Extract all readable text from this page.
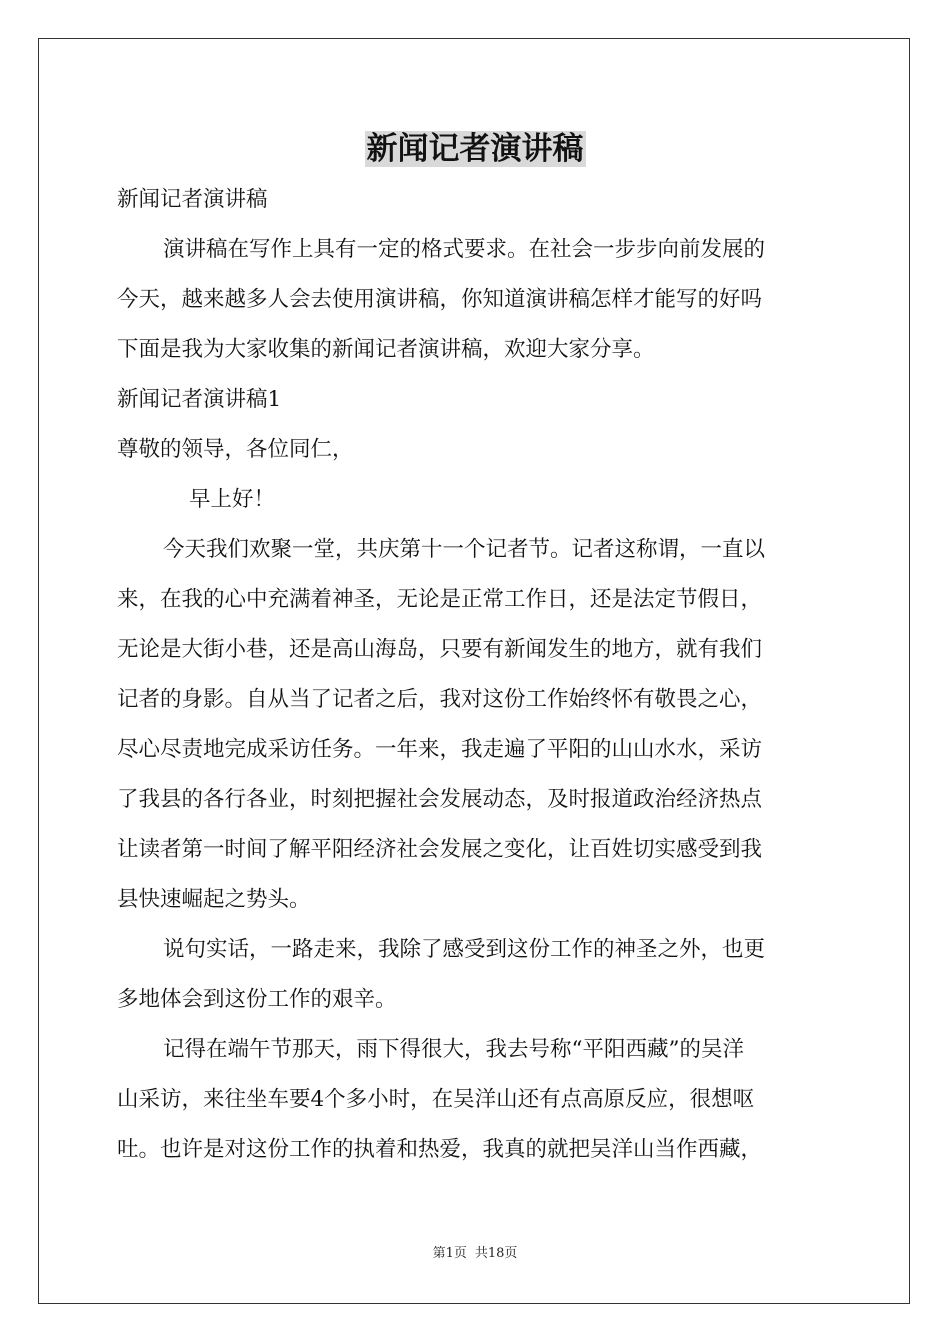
新闻记者演讲稿

新闻记者演讲稿

演讲稿在写作上具有一定的格式要求。在社会一步步向前发展的

今天，越来越多人会去使用演讲稿，你知道演讲稿怎样才能写的好吗

下面是我为大家收集的新闻记者演讲稿，欢迎大家分享。

新闻记者演讲稿1

尊敬的领导，各位同仁，

早上好！

今天我们欢聚一堂，共庆第十一个记者节。记者这称谓，一直以

来，在我的心中充满着神圣，无论是正常工作日，还是法定节假日，

无论是大街小巷，还是高山海岛，只要有新闻发生的地方，就有我们

记者的身影。自从当了记者之后，我对这份工作始终怀有敬畏之心，

尽心尽责地完成采访任务。一年来，我走遍了平阳的山山水水，采访

了我县的各行各业，时刻把握社会发展动态，及时报道政治经济热点

让读者第一时间了解平阳经济社会发展之变化，让百姓切实感受到我

县快速崛起之势头。

说句实话，一路走来，我除了感受到这份工作的神圣之外，也更

多地体会到这份工作的艰辛。

记得在端午节那天，雨下得很大，我去号称“平阳西藏”的吴洋

山采访，来往坐车要4个多小时，在吴洋山还有点高原反应，很想呕

吐。也许是对这份工作的执着和热爱，我真的就把吴洋山当作西藏，

第1页 共18页
